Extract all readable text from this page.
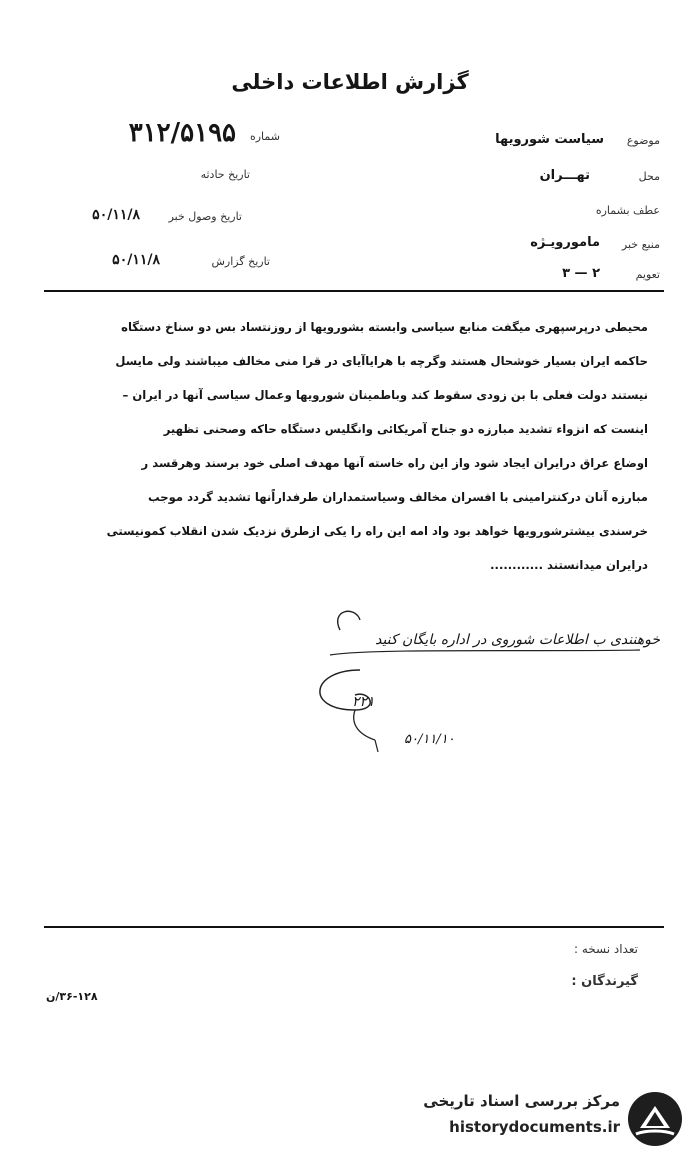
گزارش اطلاعات داخلی
شماره
۳۱۲/۵۱۹۵
تاریخ حادثه
تاریخ وصول خبر
۵۰/۱۱/۸
تاریخ گزارش
۵۰/۱۱/۸
موضوع
سیاست شورویها
محل
تهـــران
عطف بشماره
منبع خبر
مامورویـژه
تعویم
۳ — ۲
محیطی درپرسپهری میگفت منابع سیاسی وابسته بشورویها از روزنتساد بس دو سناخ دستگاه
حاکمه ایران بسیار خوشحال هستند وگرچه با هرایاآیای در قرا منی مخالف میباشند ولی مایسل
نیستند دولت فعلی با بن زودی سقوط کند وباطمینان شورویها وعمال سیاسی آنها در ایران –
اینست که انزواء تشدید مبارزه دو جناح آمریکائی وانگلیس دستگاه حاکه وصحنی تظهیر
اوضاع عراق درایران ایجاد شود واز این راه خاسته آنها مهدف اصلی خود برسند وهرقسد ر
مبارزه آنان درکنترامینی با افسران مخالف وسیاستمداران طرفداراًنها تشدید گردد موجب
خرسندی بیشترشورویها خواهد بود واد امه این راه را یکی ازطرق نزدیک شدن انقلاب کمونیستی
درایران میدانستند ............
خوهنندی ب اطلاعات شوروی در اداره بایگان کنید
۲۲۱
۵۰/۱۱/۱۰
تعداد نسخه :
گیرندگان :
۳۶-۱۲۸/ن
مرکز بررسی اسناد تاریخی
historydocuments.ir
